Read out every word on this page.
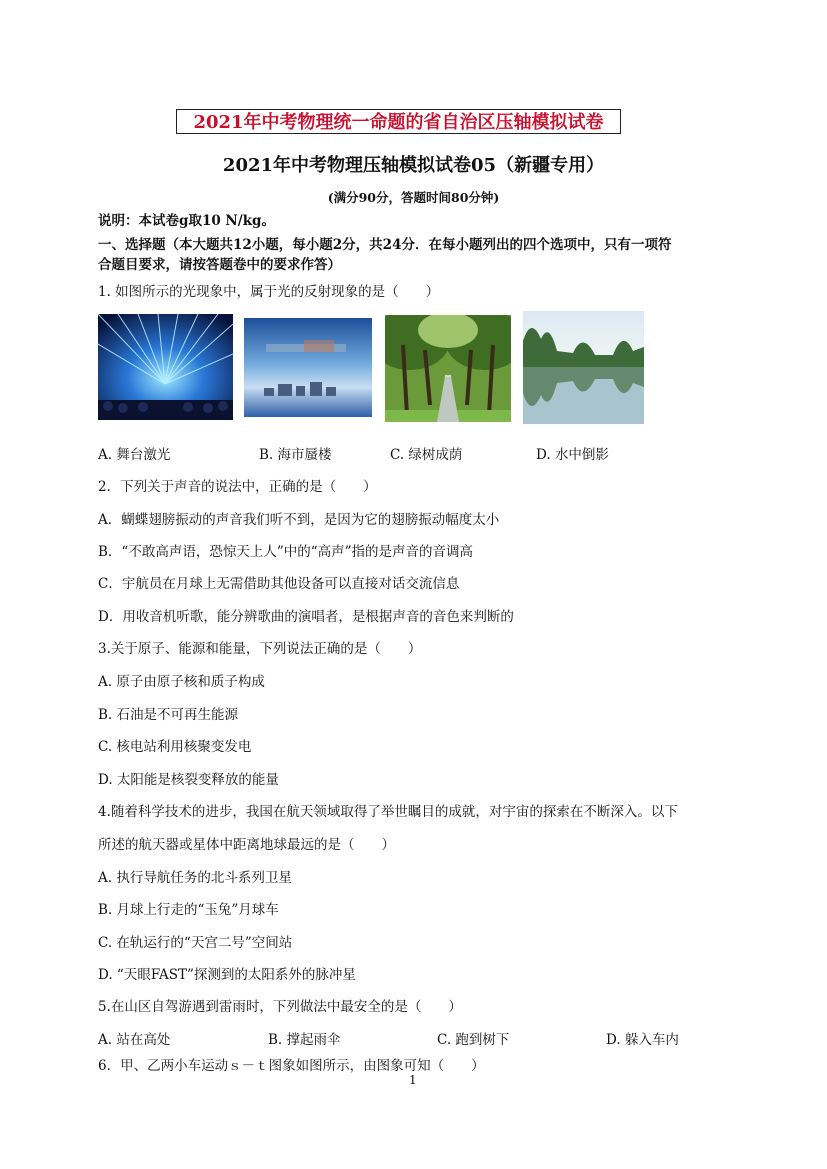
2021年中考物理统一命题的省自治区压轴模拟试卷
2021年中考物理压轴模拟试卷05（新疆专用）
(满分90分，答题时间80分钟)
说明：本试卷g取10 N/kg。
一、选择题（本大题共12小题，每小题2分，共24分．在每小题列出的四个选项中，只有一项符
合题目要求，请按答题卷中的要求作答）
1. 如图所示的光现象中，属于光的反射现象的是（　　）
A. 舞台激光	B. 海市蜃楼	C. 绿树成荫	D. 水中倒影
2．下列关于声音的说法中，正确的是（　　）
A．蝴蝶翅膀振动的声音我们听不到，是因为它的翅膀振动幅度太小
B．“不敢高声语，恐惊天上人”中的“高声”指的是声音的音调高
C．宇航员在月球上无需借助其他设备可以直接对话交流信息
D．用收音机听歌，能分辨歌曲的演唱者，是根据声音的音色来判断的
3.关于原子、能源和能量，下列说法正确的是（　　）
A. 原子由原子核和质子构成
B. 石油是不可再生能源
C. 核电站利用核聚变发电
D. 太阳能是核裂变释放的能量
4.随着科学技术的进步，我国在航天领域取得了举世瞩目的成就，对宇宙的探索在不断深入。以下
所述的航天器或星体中距离地球最远的是（　　）
A. 执行导航任务的北斗系列卫星
B. 月球上行走的“玉兔”月球车
C. 在轨运行的“天宫二号”空间站
D. “天眼FAST”探测到的太阳系外的脉冲星
5.在山区自驾游遇到雷雨时，下列做法中最安全的是（　　）
A. 站在高处	B. 撑起雨伞	C. 跑到树下	D. 躲入车内
6．甲、乙两小车运动ｓ－ｔ图象如图所示，由图象可知（　　）
1
